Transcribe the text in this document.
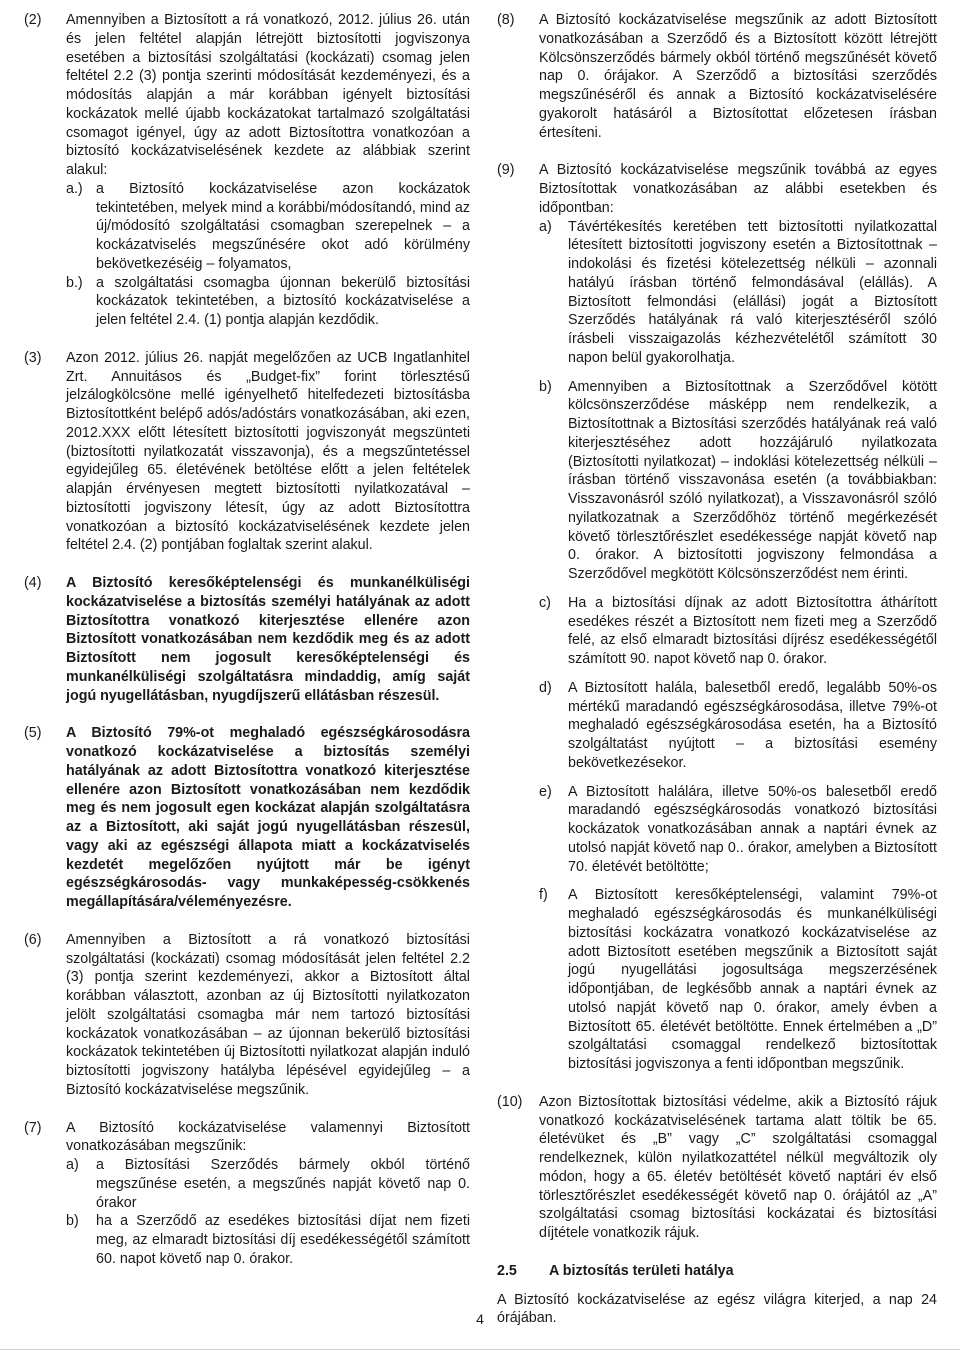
(2) Amennyiben a Biztosított a rá vonatkozó, 2012. július 26. után és jelen feltétel alapján létrejött biztosítotti jogviszonya esetében a biztosítási szolgáltatási (kockázati) csomag jelen feltétel 2.2 (3) pontja szerinti módosítását kezdeményezi, és a módosítás alapján a már korábban igényelt biztosítási kockázatok mellé újabb kockázatokat tartalmazó szolgáltatási csomagot igényel, úgy az adott Biztosítottra vonatkozóan a biztosító kockázatviselésének kezdete az alábbiak szerint alakul:
a.) a Biztosító kockázatviselése azon kockázatok tekintetében, melyek mind a korábbi/módosítandó, mind az új/módosító szolgáltatási csomagban szerepelnek – a kockázatviselés megszűnésére okot adó körülmény bekövetkezéséig – folyamatos,
b.) a szolgáltatási csomagba újonnan bekerülő biztosítási kockázatok tekintetében, a biztosító kockázatviselése a jelen feltétel 2.4. (1) pontja alapján kezdődik.
(3) Azon 2012. július 26. napját megelőzően az UCB Ingatlanhitel Zrt. Annuitásos és „Budget-fix” forint törlesztésű jelzálogkölcsöne mellé igényelhető hitelfedezeti biztosításba Biztosítottként belépő adós/adóstárs vonatkozásában, aki ezen, 2012.XXX előtt létesített biztosítotti jogviszonyát megszünteti (biztosítotti nyilatkozatát visszavonja), és a megszűntetéssel egyidejűleg 65. életévének betöltése előtt a jelen feltételek alapján érvényesen megtett biztosítotti nyilatkozatával – biztosítotti jogviszony létesít, úgy az adott Biztosítottra vonatkozóan a biztosító kockázatviselésének kezdete jelen feltétel 2.4. (2) pontjában foglaltak szerint alakul.
(4) A Biztosító keresőképtelenségi és munkanélküliségi kockázatviselése a biztosítás személyi hatályának az adott Biztosítottra vonatkozó kiterjesztése ellenére azon Biztosított vonatkozásában nem kezdődik meg és az adott Biztosított nem jogosult keresőképtelenségi és munkanélküliségi szolgáltatásra mindaddig, amíg saját jogú nyugellátásban, nyugdíjszerű ellátásban részesül.
(5) A Biztosító 79%-ot meghaladó egészségkárosodásra vonatkozó kockázatviselése a biztosítás személyi hatályának az adott Biztosítottra vonatkozó kiterjesztése ellenére azon Biztosított vonatkozásában nem kezdődik meg és nem jogosult egen kockázat alapján szolgáltatásra az a Biztosított, aki saját jogú nyugellátásban részesül, vagy aki az egészségi állapota miatt a kockázatviselés kezdetét megelőzően nyújtott már be igényt egészségkárosodás- vagy munkaképesség-csökkenés megállapítására/véleményezésre.
(6) Amennyiben a Biztosított a rá vonatkozó biztosítási szolgáltatási (kockázati) csomag módosítását jelen feltétel 2.2 (3) pontja szerint kezdeményezi, akkor a Biztosított által korábban választott, azonban az új Biztosítotti nyilatkozaton jelölt szolgáltatási csomagba már nem tartozó biztosítási kockázatok vonatkozásában – az újonnan bekerülő biztosítási kockázatok tekintetében új Biztosítotti nyilatkozat alapján induló biztosítotti jogviszony hatályba lépésével egyidejűleg – a Biztosító kockázatviselése megszűnik.
(7) A Biztosító kockázatviselése valamennyi Biztosított vonatkozásában megszűnik:
a) a Biztosítási Szerződés bármely okból történő megszűnése esetén, a megszűnés napját követő nap 0. órakor
b) ha a Szerződő az esedékes biztosítási díjat nem fizeti meg, az elmaradt biztosítási díj esedékességétől számított 60. napot követő nap 0. órakor.
(8) A Biztosító kockázatviselése megszűnik az adott Biztosított vonatkozásában a Szerződő és a Biztosított között létrejött Kölcsönszerződés bármely okból történő megszűnését követő nap 0. órájakor. A Szerződő a biztosítási szerződés megszűnéséről és annak a Biztosító kockázatviselésére gyakorolt hatásáról a Biztosítottat előzetesen írásban értesíteni.
(9) A Biztosító kockázatviselése megszűnik továbbá az egyes Biztosítottak vonatkozásában az alábbi esetekben és időpontban:
a) Távértékesítés keretében tett biztosítotti nyilatkozattal létesített biztosítotti jogviszony esetén a Biztosítottnak – indokolási és fizetési kötelezettség nélküli – azonnali hatályú írásban történő felmondásával (elállás). A Biztosított felmondási (elállási) jogát a Biztosított Szerződés hatályának rá való kiterjesztéséről szóló írásbeli visszaigazolás kézhezvételétől számított 30 napon belül gyakorolhatja.
b) Amennyiben a Biztosítottnak a Szerződővel kötött kölcsönszerződése másképp nem rendelkezik, a Biztosítottnak a Biztosítási szerződés hatályának reá való kiterjesztéséhez adott hozzájáruló nyilatkozata (Biztosítotti nyilatkozat) – indoklási kötelezettség nélküli – írásban történő visszavonása esetén (a továbbiakban: Visszavonásról szóló nyilatkozat), a Visszavonásról szóló nyilatkozatnak a Szerződőhöz történő megérkezését követő törlesztőrészlet esedékessége napját követő nap 0. órakor. A biztosítotti jogviszony felmondása a Szerződővel megkötött Kölcsönszerződést nem érinti.
c) Ha a biztosítási díjnak az adott Biztosítottra áthárított esedékes részét a Biztosított nem fizeti meg a Szerződő felé, az első elmaradt biztosítási díjrész esedékességétől számított 90. napot követő nap 0. órakor.
d) A Biztosított halála, balesetből eredő, legalább 50%-os mértékű maradandó egészségkárosodása, illetve 79%-ot meghaladó egészségkárosodása esetén, ha a Biztosító szolgáltatást nyújtott – a biztosítási esemény bekövetkezésekor.
e) A Biztosított halálára, illetve 50%-os balesetből eredő maradandó egészségkárosodás vonatkozó biztosítási kockázatok vonatkozásában annak a naptári évnek az utolsó napját követő nap 0.. órakor, amelyben a Biztosított 70. életévét betöltötte;
f) A Biztosított keresőképtelenségi, valamint 79%-ot meghaladó egészségkárosodás és munkanélküliségi biztosítási kockázatra vonatkozó kockázatviselése az adott Biztosított esetében megszűnik a Biztosított saját jogú nyugellátási jogosultsága megszerzésének időpontjában, de legkésőbb annak a naptári évnek az utolsó napját követő nap 0. órakor, amely évben a Biztosított 65. életévét betöltötte. Ennek értelmében a „D” szolgáltatási csomaggal rendelkező biztosítottak biztosítási jogviszonya a fenti időpontban megszűnik.
(10) Azon Biztosítottak biztosítási védelme, akik a Biztosító rájuk vonatkozó kockázatviselésének tartama alatt töltik be 65. életévüket és „B” vagy „C” szolgáltatási csomaggal rendelkeznek, külön nyilatkozattétel nélkül megváltozik oly módon, hogy a 65. életév betöltését követő naptári év első törlesztőrészlet esedékességét követő nap 0. órájától az „A” szolgáltatási csomag biztosítási kockázatai és biztosítási díjtétele vonatkozik rájuk.
2.5 A biztosítás területi hatálya
A Biztosító kockázatviselése az egész világra kiterjed, a nap 24 órájában.
4
